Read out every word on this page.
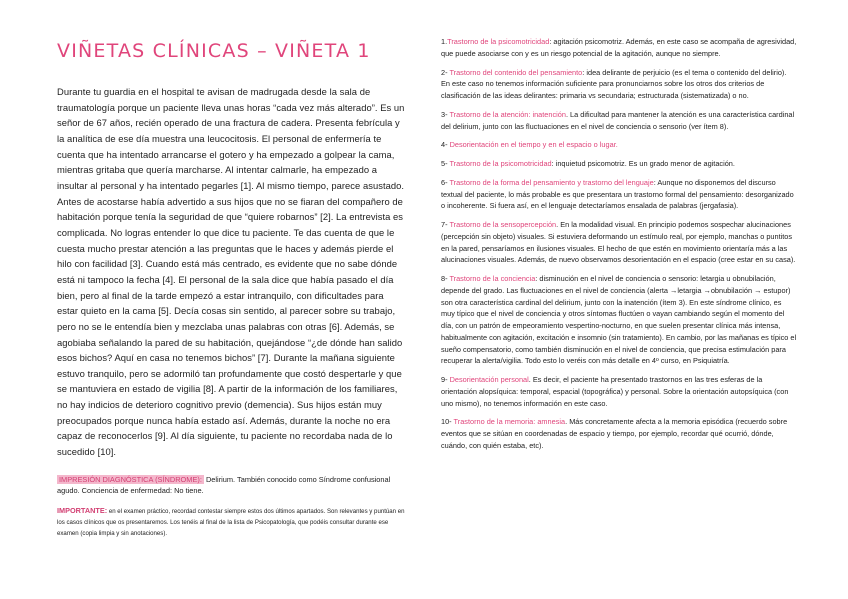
VIÑETAS CLÍNICAS – VIÑETA 1

Durante tu guardia en el hospital te avisan de madrugada desde la sala de traumatología porque un paciente lleva unas horas “cada vez más alterado”. Es un señor de 67 años, recién operado de una fractura de cadera. Presenta febrícula y la analítica de ese día muestra una leucocitosis. El personal de enfermería te cuenta que ha intentado arrancarse el gotero y ha empezado a golpear la cama, mientras gritaba que quería marcharse. Al intentar calmarle, ha empezado a insultar al personal y ha intentado pegarles [1]. Al mismo tiempo, parece asustado. Antes de acostarse había advertido a sus hijos que no se fiaran del compañero de habitación porque tenía la seguridad de que “quiere robarnos” [2]. La entrevista es complicada. No logras entender lo que dice tu paciente. Te das cuenta de que le cuesta mucho prestar atención a las preguntas que le haces y además pierde el hilo con facilidad [3]. Cuando está más centrado, es evidente que no sabe dónde está ni tampoco la fecha [4]. El personal de la sala dice que había pasado el día bien, pero al final de la tarde empezó a estar intranquilo, con dificultades para estar quieto en la cama [5]. Decía cosas sin sentido, al parecer sobre su trabajo, pero no se le entendía bien y mezclaba unas palabras con otras [6]. Además, se agobiaba señalando la pared de su habitación, quejándose “¿de dónde han salido esos bichos? Aquí en casa no tenemos bichos” [7]. Durante la mañana siguiente estuvo tranquilo, pero se adormiló tan profundamente que costó despertarle y que se mantuviera en estado de vigilia [8]. A partir de la información de los familiares, no hay indicios de deterioro cognitivo previo (demencia). Sus hijos están muy preocupados porque nunca había estado así. Además, durante la noche no era capaz de reconocerlos [9]. Al día siguiente, tu paciente no recordaba nada de lo sucedido [10].

IMPRESIÓN DIAGNÓSTICA (SÍNDROME): Delirium. También conocido como Síndrome confusional agudo. Conciencia de enfermedad: No tiene.
IMPORTANTE: en el examen práctico, recordad contestar siempre estos dos últimos apartados. Son relevantes y puntúan en los casos clínicos que os presentaremos. Los tenéis al final de la lista de Psicopatología, que podéis consultar durante ese examen (copia limpia y sin anotaciones).

1.Trastorno de la psicomotricidad: agitación psicomotriz. Además, en este caso se acompaña de agresividad, que puede asociarse con y es un riesgo potencial de la agitación, aunque no siempre.

2- Trastorno del contenido del pensamiento: idea delirante de perjuicio (es el tema o contenido del delirio). En este caso no tenemos información suficiente para pronunciarnos sobre los otros dos criterios de clasificación de las ideas delirantes: primaria vs secundaria; estructurada (sistematizada) o no.

3- Trastorno de la atención: inatención. La dificultad para mantener la atención es una característica cardinal del delirium, junto con las fluctuaciones en el nivel de conciencia o sensorio (ver ítem 8).

4- Desorientación en el tiempo y en el espacio o lugar.

5- Trastorno de la psicomotricidad: inquietud psicomotriz. Es un grado menor de agitación.

6- Trastorno de la forma del pensamiento y trastorno del lenguaje: Aunque no disponemos del discurso textual del paciente, lo más probable es que presentara un trastorno formal del pensamiento: desorganizado o incoherente. Si fuera así, en el lenguaje detectaríamos ensalada de palabras (jergafasia).

7- Trastorno de la sensopercepción. En la modalidad visual. En principio podemos sospechar alucinaciones (percepción sin objeto) visuales. Si estuviera deformando un estímulo real, por ejemplo, manchas o puntitos en la pared, pensaríamos en ilusiones visuales. El hecho de que estén en movimiento orientaría más a las alucinaciones visuales. Además, de nuevo observamos desorientación en el espacio (cree estar en su casa).

8- Trastorno de la conciencia: disminución en el nivel de conciencia o sensorio: letargia u obnubilación, depende del grado. Las fluctuaciones en el nivel de conciencia (alerta →letargia →obnubilación → estupor) son otra característica cardinal del delirium, junto con la inatención (ítem 3). En este síndrome clínico, es muy típico que el nivel de conciencia y otros síntomas fluctúen o vayan cambiando según el momento del día, con un patrón de empeoramiento vespertino-nocturno, en que suelen presentar clínica más intensa, habitualmente con agitación, excitación e insomnio (sin tratamiento). En cambio, por las mañanas es típico el sueño compensatorio, como también disminución en el nivel de conciencia, que precisa estimulación para recuperar la alerta/vigilia. Todo esto lo veréis con más detalle en 4º curso, en Psiquiatría.

9- Desorientación personal. Es decir, el paciente ha presentado trastornos en las tres esferas de la orientación alopsíquica: temporal, espacial (topográfica) y personal. Sobre la orientación autopsíquica (con uno mismo), no tenemos información en este caso.

10- Trastorno de la memoria: amnesia. Más concretamente afecta a la memoria episódica (recuerdo sobre eventos que se sitúan en coordenadas de espacio y tiempo, por ejemplo, recordar qué ocurrió, dónde, cuándo, con quién estaba, etc).
